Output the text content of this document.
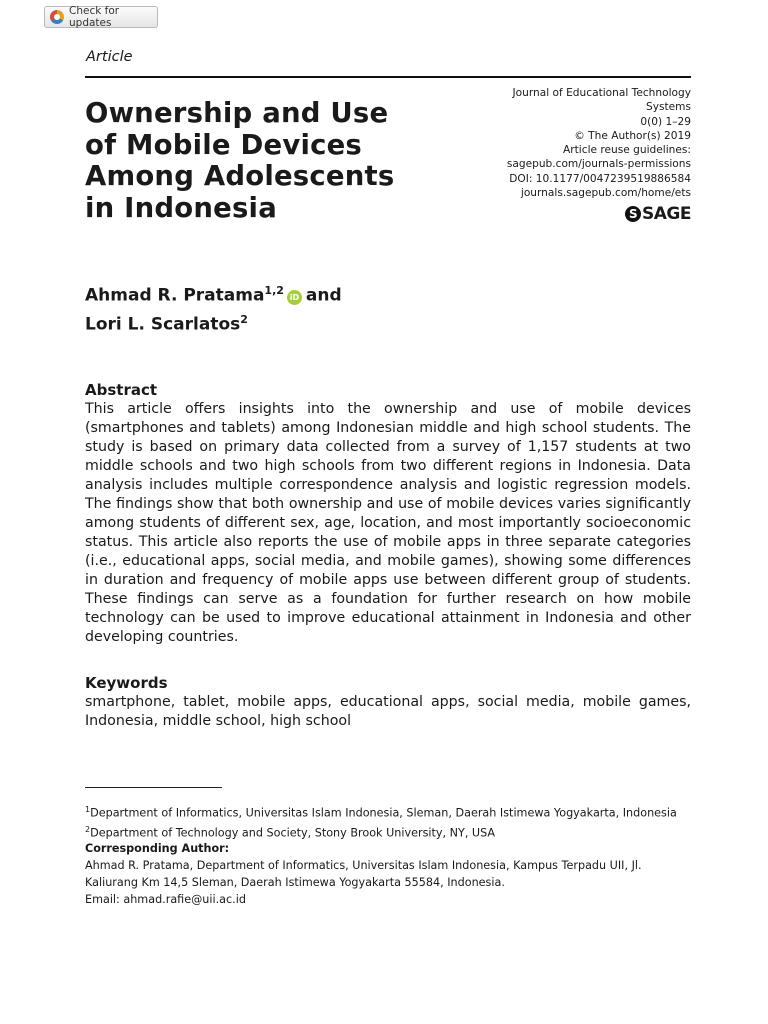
Check for updates
Article
Ownership and Use
of Mobile Devices
Among Adolescents
in Indonesia
Journal of Educational Technology
Systems
0(0) 1–29
© The Author(s) 2019
Article reuse guidelines:
sagepub.com/journals-permissions
DOI: 10.1177/0047239519886584
journals.sagepub.com/home/ets
S SAGE
Ahmad R. Pratama$^{1,2}$iD and
Lori L. Scarlatos$^2$
Abstract

This article offers insights into the ownership and use of mobile devices (smartphones and tablets) among Indonesian middle and high school students. The study is based on primary data collected from a survey of 1,157 students at two middle schools and two high schools from two different regions in Indonesia. Data analysis includes multiple correspondence analysis and logistic regression models. The findings show that both ownership and use of mobile devices varies significantly among students of different sex, age, location, and most importantly socioeconomic status. This article also reports the use of mobile apps in three separate categories (i.e., educational apps, social media, and mobile games), showing some differences in duration and frequency of mobile apps use between different group of students. These findings can serve as a foundation for further research on how mobile technology can be used to improve educational attainment in Indonesia and other developing countries.

Keywords

smartphone, tablet, mobile apps, educational apps, social media, mobile games, Indonesia, middle school, high school

$^1$Department of Informatics, Universitas Islam Indonesia, Sleman, Daerah Istimewa Yogyakarta, Indonesia
$^2$Department of Technology and Society, Stony Brook University, NY, USA
Corresponding Author:
Ahmad R. Pratama, Department of Informatics, Universitas Islam Indonesia, Kampus Terpadu UII, Jl.
Kaliurang Km 14,5 Sleman, Daerah Istimewa Yogyakarta 55584, Indonesia.
Email: ahmad.rafie@uii.ac.id
